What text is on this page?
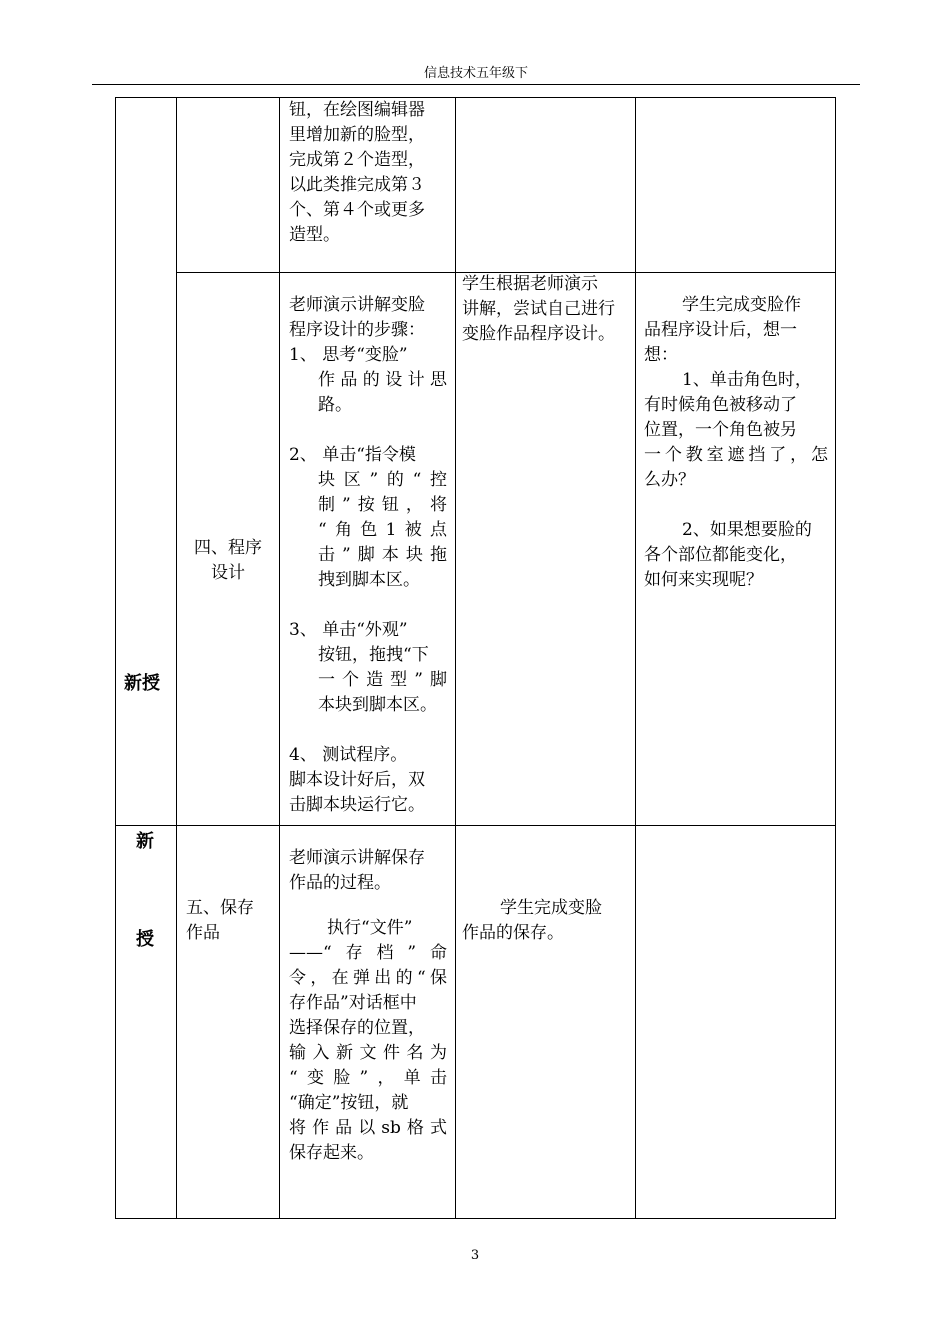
信息技术五年级下

钮，在绘图编辑器

里增加新的脸型，

完成第２个造型，

以此类推完成第３

个、第４个或更多

造型。

新授

四、程序

设计

老师演示讲解变脸

程序设计的步骤：

1、 思考“变脸”

作品的设计思

路。

2、 单击“指令模

块区”的“控

制”按钮，将

“角色1被点

击”脚本块拖

拽到脚本区。

3、 单击“外观”

按钮，拖拽“下

一个造型”脚

本块到脚本区。

4、 测试程序。

脚本设计好后，双

击脚本块运行它。

学生根据老师演示

讲解，尝试自己进行

变脸作品程序设计。

学生完成变脸作

品程序设计后，想一

想：

1、单击角色时，

有时候角色被移动了

位置，一个角色被另

一个教室遮挡了，怎

么办？

2、如果想要脸的

各个部位都能变化，

如何来实现呢？

新
授

五、保存

作品

老师演示讲解保存

作品的过程。

执行“文件”

——“存档”命

令，在弹出的“保

存作品”对话框中

选择保存的位置，

输入新文件名为

“变脸”，单击

“确定”按钮，就

将作品以sb格式

保存起来。

学生完成变脸

作品的保存。

3
